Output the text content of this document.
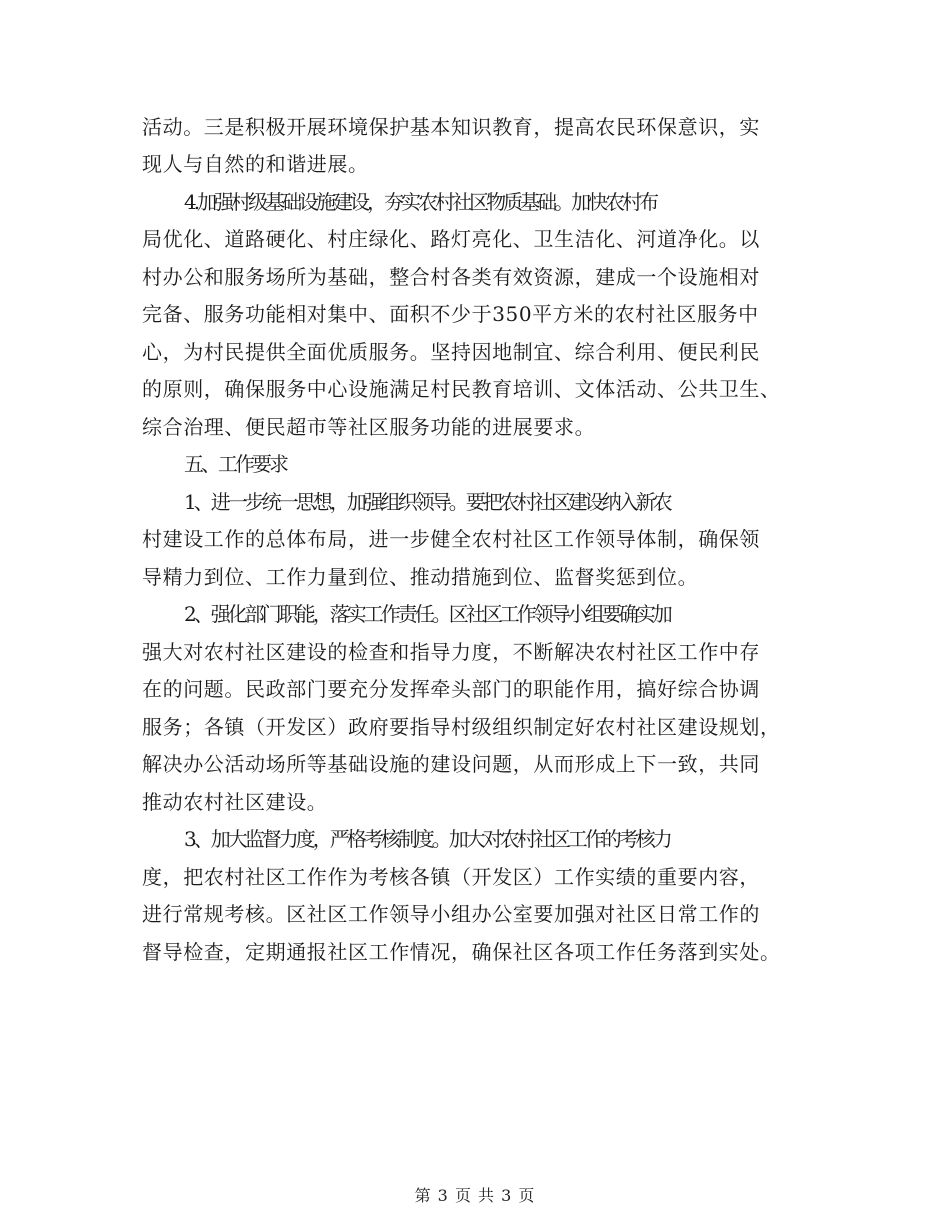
活动。三是积极开展环境保护基本知识教育，提高农民环保意识，实
现人与自然的和谐进展。
4.加强村级基础设施建设，夯实农村社区物质基础。加快农村布
局优化、道路硬化、村庄绿化、路灯亮化、卫生洁化、河道净化。以
村办公和服务场所为基础，整合村各类有效资源，建成一个设施相对
完备、服务功能相对集中、面积不少于350平方米的农村社区服务中
心，为村民提供全面优质服务。坚持因地制宜、综合利用、便民利民
的原则，确保服务中心设施满足村民教育培训、文体活动、公共卫生、
综合治理、便民超市等社区服务功能的进展要求。
五、工作要求
1、进一步统一思想，加强组织领导。要把农村社区建设纳入新农
村建设工作的总体布局，进一步健全农村社区工作领导体制，确保领
导精力到位、工作力量到位、推动措施到位、监督奖惩到位。
2、强化部门职能，落实工作责任。区社区工作领导小组要确实加
强大对农村社区建设的检查和指导力度，不断解决农村社区工作中存
在的问题。民政部门要充分发挥牵头部门的职能作用，搞好综合协调
服务；各镇（开发区）政府要指导村级组织制定好农村社区建设规划，
解决办公活动场所等基础设施的建设问题，从而形成上下一致，共同
推动农村社区建设。
3、加大监督力度，严格考核制度。加大对农村社区工作的考核力
度，把农村社区工作作为考核各镇（开发区）工作实绩的重要内容，
进行常规考核。区社区工作领导小组办公室要加强对社区日常工作的
督导检查，定期通报社区工作情况，确保社区各项工作任务落到实处。
第 3 页 共 3 页
